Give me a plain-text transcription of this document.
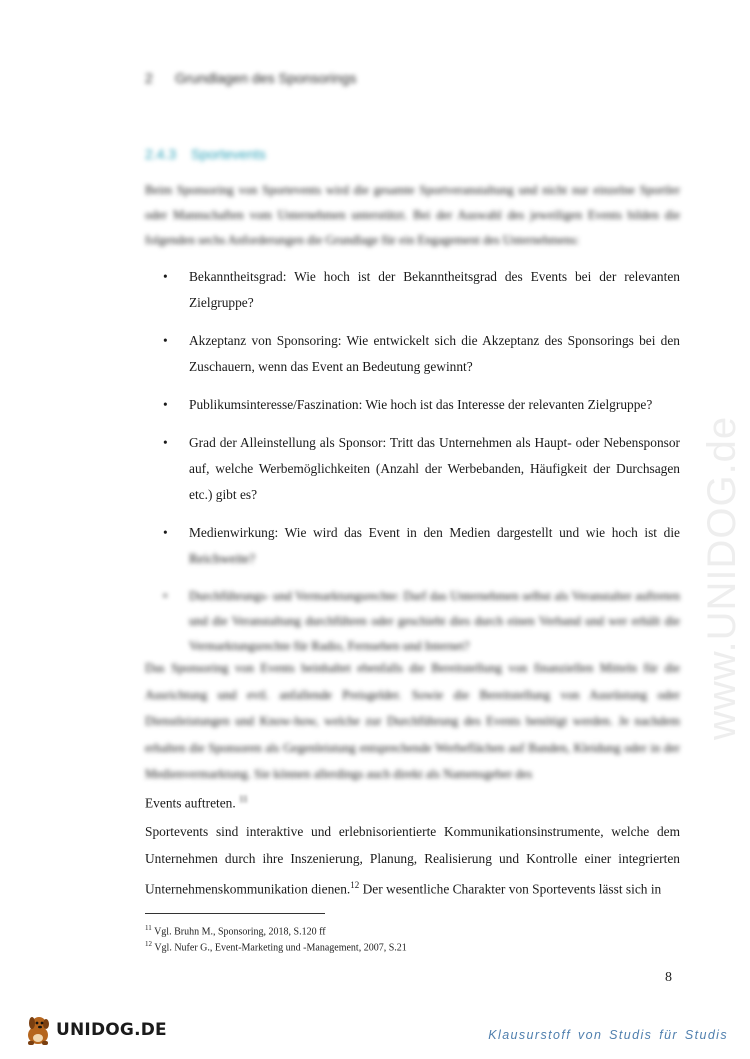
2 Grundlagen des Sponsorings
2.4.3 Sportevents
Beim Sponsoring von Sportevents wird die gesamte Sportveranstaltung und nicht nur einzelne Sportler oder Mannschaften vom Unternehmen unterstützt. Bei der Auswahl des jeweiligen Events bilden die folgenden sechs Anforderungen die Grundlage für ein Engagement des Unternehmens:
• Bekanntheitsgrad: Wie hoch ist der Bekanntheitsgrad des Events bei der relevanten Zielgruppe?
• Akzeptanz von Sponsoring: Wie entwickelt sich die Akzeptanz des Sponsorings bei den Zuschauern, wenn das Event an Bedeutung gewinnt?
• Publikumsinteresse/Faszination: Wie hoch ist das Interesse der relevanten Zielgruppe?
• Grad der Alleinstellung als Sponsor: Tritt das Unternehmen als Haupt- oder Nebensponsor auf, welche Werbemöglichkeiten (Anzahl der Werbebanden, Häufigkeit der Durchsagen etc.) gibt es?
• Medienwirkung: Wie wird das Event in den Medien dargestellt und wie hoch ist die Reichweite?
• Durchführungs- und Vermarktungsrechte: Darf das Unternehmen selbst als Veranstalter auftreten und die Veranstaltung durchführen oder geschieht dies durch einen Verband und wer erhält die Vermarktungsrechte für Radio, Fernsehen und Internet?
Das Sponsoring von Events beinhaltet ebenfalls die Bereitstellung von finanziellen Mitteln für die Ausrichtung und evtl. anfallende Preisgelder. Sowie die Bereitstellung von Ausrüstung oder Dienstleistungen und Know-how, welche zur Durchführung des Events benötigt werden. Je nachdem erhalten die Sponsoren als Gegenleistung entsprechende Werbeflächen auf Banden, Kleidung oder in der Medienvermarktung. Sie können allerdings auch direkt als Namensgeber des
Events auftreten. $^{11}$
Sportevents sind interaktive und erlebnisorientierte Kommunikationsinstrumente, welche dem Unternehmen durch ihre Inszenierung, Planung, Realisierung und Kontrolle einer integrierten Unternehmenskommunikation dienen.$^{12}$ Der wesentliche Charakter von Sportevents lässt sich in
$^{11}$ Vgl. Bruhn M., Sponsoring, 2018, S.120 ff
$^{12}$ Vgl. Nufer G., Event-Marketing und -Management, 2007, S.21
8
www.UNIDOG.de
UNIDOG.DE	Klausurstoff von Studis für Studis
